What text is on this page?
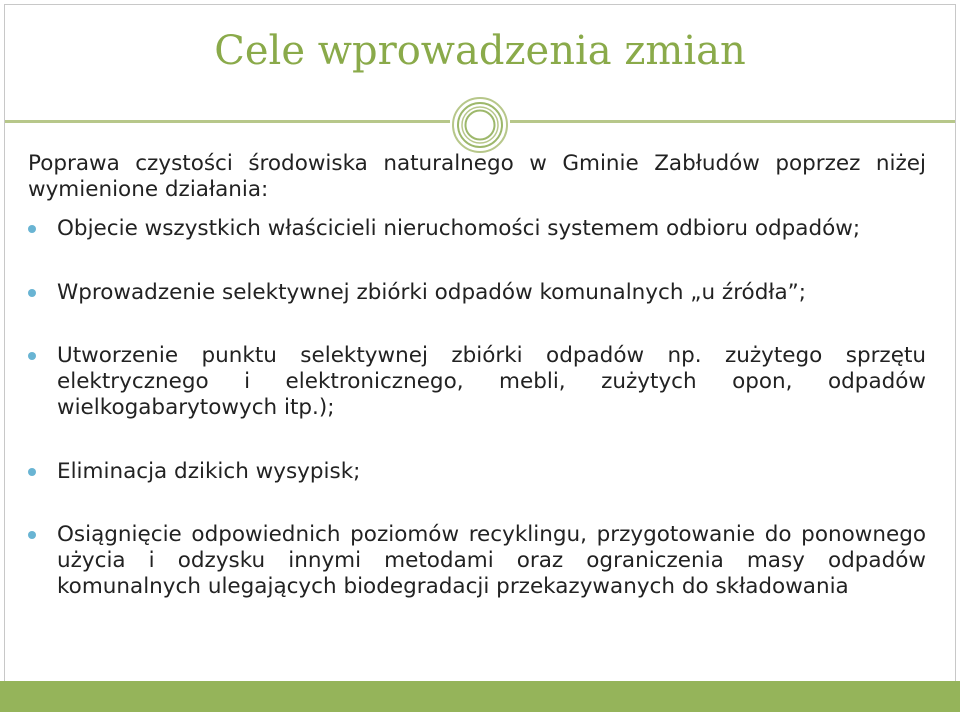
Cele wprowadzenia zmian

Poprawa czystości środowiska naturalnego w Gminie Zabłudów poprzez niżej wymienione działania:

Objecie wszystkich właścicieli nieruchomości systemem odbioru odpadów;
Wprowadzenie selektywnej zbiórki odpadów komunalnych „u źródła”;
Utworzenie punktu selektywnej zbiórki odpadów np. zużytego sprzętu elektrycznego i elektronicznego, mebli, zużytych opon, odpadów wielkogabarytowych itp.);
Eliminacja dzikich wysypisk;
Osiągnięcie odpowiednich poziomów recyklingu, przygotowanie do ponownego użycia i odzysku innymi metodami oraz ograniczenia masy odpadów komunalnych ulegających biodegradacji przekazywanych do składowania
